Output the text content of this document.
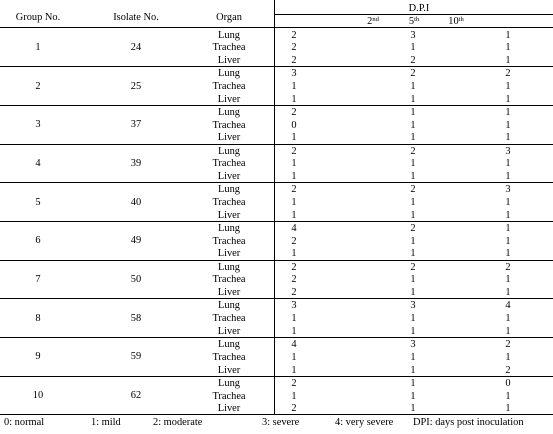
Group No.	Isolate No.	Organ
D.P.I
2nd	5th	10th
1	24
Lung	2	3	1
Trachea	2	1	1
Liver	2	2	1
2	25
Lung	3	2	2
Trachea	1	1	1
Liver	1	1	1
3	37
Lung	2	1	1
Trachea	0	1	1
Liver	1	1	1
4	39
Lung	2	2	3
Trachea	1	1	1
Liver	1	1	1
5	40
Lung	2	2	3
Trachea	1	1	1
Liver	1	1	1
6	49
Lung	4	2	1
Trachea	2	1	1
Liver	1	1	1
7	50
Lung	2	2	2
Trachea	2	1	1
Liver	2	1	1
8	58
Lung	3	3	4
Trachea	1	1	1
Liver	1	1	1
9	59
Lung	4	3	2
Trachea	1	1	1
Liver	1	1	2
10	62
Lung	2	1	0
Trachea	1	1	1
Liver	2	1	1
0: normal	1: mild	2: moderate	3: severe	4: very severe DPI: days post inoculation
